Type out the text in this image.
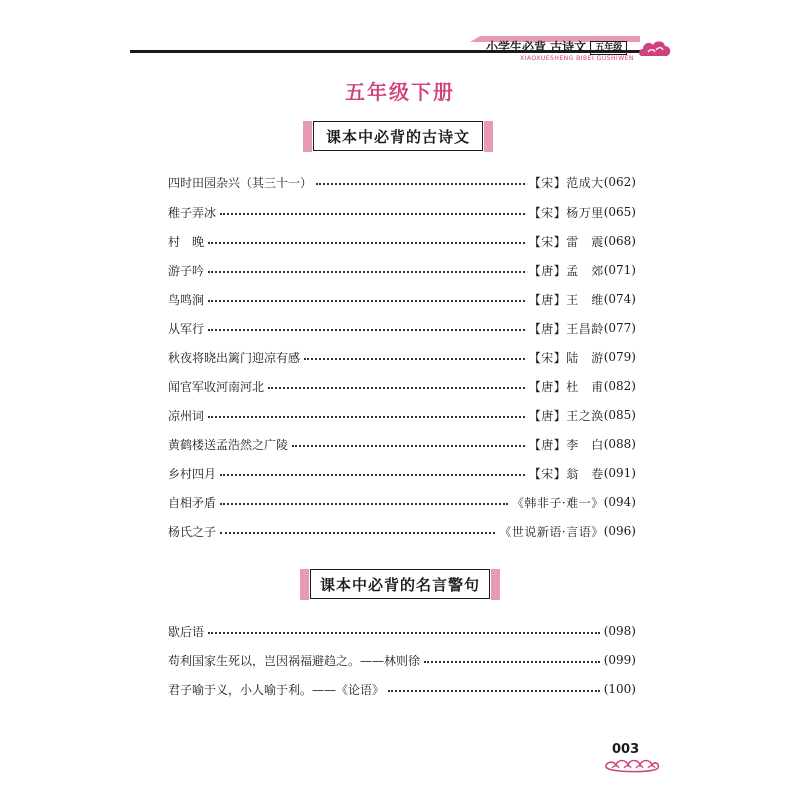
小学生必背 古诗文 五年级
XIAOXUESHENG BIBEI GUSHIWEN
五年级下册
课本中必背的古诗文
四时田园杂兴（其三十一）	【宋】范成大 (062)
稚子弄冰	【宋】杨万里 (065)
村　晚	【宋】雷　震 (068)
游子吟	【唐】孟　郊 (071)
鸟鸣涧	【唐】王　维 (074)
从军行	【唐】王昌龄 (077)
秋夜将晓出篱门迎凉有感	【宋】陆　游 (079)
闻官军收河南河北	【唐】杜　甫 (082)
凉州词	【唐】王之涣 (085)
黄鹤楼送孟浩然之广陵	【唐】李　白 (088)
乡村四月	【宋】翁　卷 (091)
自相矛盾	《韩非子·难一》 (094)
杨氏之子	《世说新语·言语》 (096)
课本中必背的名言警句
歇后语	(098)
苟利国家生死以，岂因祸福避趋之。——林则徐	(099)
君子喻于义，小人喻于利。——《论语》	(100)
003
